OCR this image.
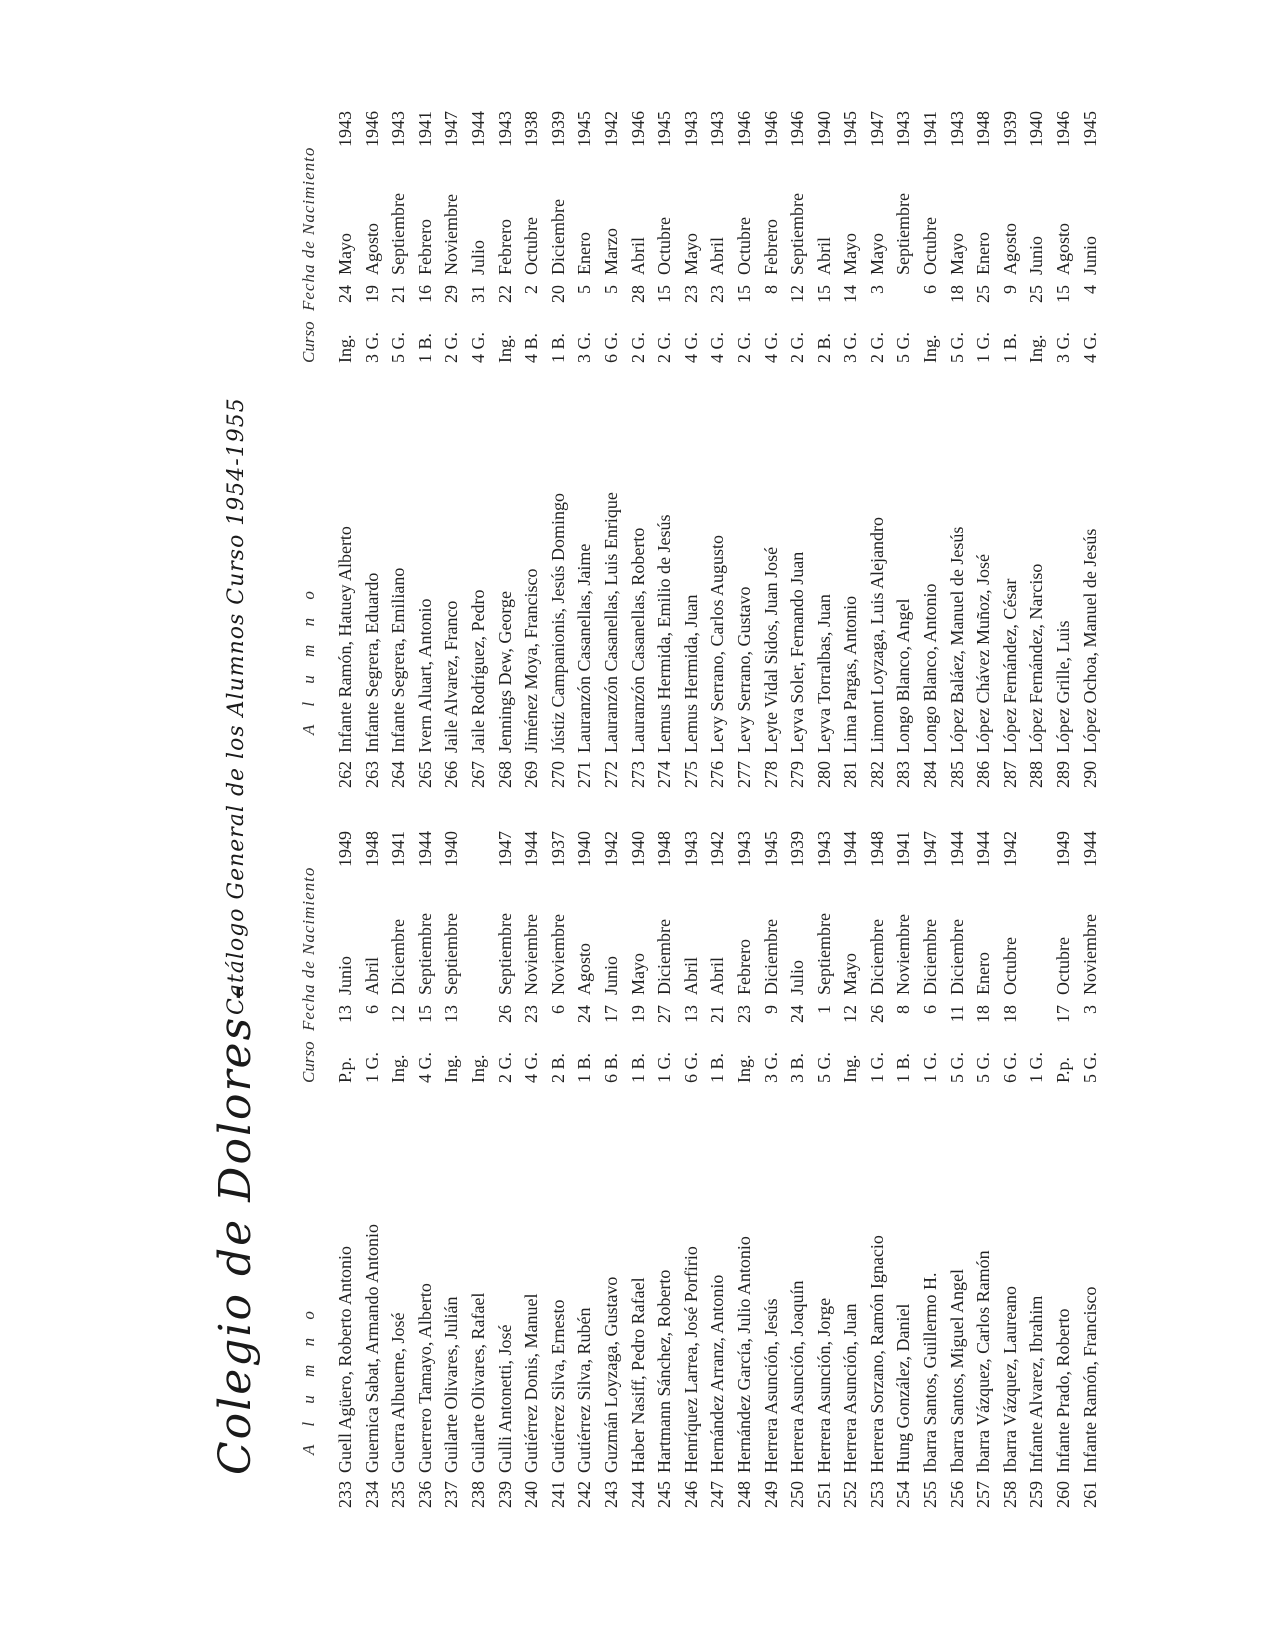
Colegio de Dolores -
Catálogo General de los Alumnos Curso 1954-1955
A l u m n o
Curso
Fecha de Nacimiento
233
Guell Agüero, Roberto Antonio
P.p.
13
Junio
1949
234
Guernica Sabat, Armando Antonio
1 G.
6
Abril
1948
235
Guerra Albuerne, José
Ing.
12
Diciembre
1941
236
Guerrero Tamayo, Alberto
4 G.
15
Septiembre
1944
237
Guilarte Olivares, Julián
Ing.
13
Septiembre
1940
238
Guilarte Olivares, Rafael
Ing.
239
Gulli Antonetti, José
2 G.
26
Septiembre
1947
240
Gutiérrez Donis, Manuel
4 G.
23
Noviembre
1944
241
Gutiérrez Silva, Ernesto
2 B.
6
Noviembre
1937
242
Gutiérrez Silva, Rubén
1 B.
24
Agosto
1940
243
Guzmán Loyzaga, Gustavo
6 B.
17
Junio
1942
244
Haber Nasiff, Pedro Rafael
1 B.
19
Mayo
1940
245
Hartmann Sánchez, Roberto
1 G.
27
Diciembre
1948
246
Henríquez Larrea, José Porfirio
6 G.
13
Abril
1943
247
Hernández Arranz, Antonio
1 B.
21
Abril
1942
248
Hernández García, Julio Antonio
Ing.
23
Febrero
1943
249
Herrera Asunción, Jesús
3 G.
9
Diciembre
1945
250
Herrera Asunción, Joaquín
3 B.
24
Julio
1939
251
Herrera Asunción, Jorge
5 G.
1
Septiembre
1943
252
Herrera Asunción, Juan
Ing.
12
Mayo
1944
253
Herrera Sorzano, Ramón Ignacio
1 G.
26
Diciembre
1948
254
Hung González, Daniel
1 B.
8
Noviembre
1941
255
Ibarra Santos, Guillermo H.
1 G.
6
Diciembre
1947
256
Ibarra Santos, Miguel Angel
5 G.
11
Diciembre
1944
257
Ibarra Vázquez, Carlos Ramón
5 G.
18
Enero
1944
258
Ibarra Vázquez, Laureano
6 G.
18
Octubre
1942
259
Infante Alvarez, Ibrahim
1 G.
260
Infante Prado, Roberto
P.p.
17
Octubre
1949
261
Infante Ramón, Francisco
5 G.
3
Noviembre
1944
A l u m n o
Curso
Fecha de Nacimiento
262
Infante Ramón, Hatuey Alberto
Ing.
24
Mayo
1943
263
Infante Segrera, Eduardo
3 G.
19
Agosto
1946
264
Infante Segrera, Emiliano
5 G.
21
Septiembre
1943
265
Ivern Aluart, Antonio
1 B.
16
Febrero
1941
266
Jaile Alvarez, Franco
2 G.
29
Noviembre
1947
267
Jaile Rodríguez, Pedro
4 G.
31
Julio
1944
268
Jennings Dew, George
Ing.
22
Febrero
1943
269
Jiménez Moya, Francisco
4 B.
2
Octubre
1938
270
Jústiz Campanionis, Jesús Domingo
1 B.
20
Diciembre
1939
271
Lauranzón Casanellas, Jaime
3 G.
5
Enero
1945
272
Lauranzón Casanellas, Luis Enrique
6 G.
5
Marzo
1942
273
Lauranzón Casanellas, Roberto
2 G.
28
Abril
1946
274
Lemus Hermida, Emilio de Jesús
2 G.
15
Octubre
1945
275
Lemus Hermida, Juan
4 G.
23
Mayo
1943
276
Levy Serrano, Carlos Augusto
4 G.
23
Abril
1943
277
Levy Serrano, Gustavo
2 G.
15
Octubre
1946
278
Leyte Vidal Sidos, Juan José
4 G.
8
Febrero
1946
279
Leyva Soler, Fernando Juan
2 G.
12
Septiembre
1946
280
Leyva Torralbas, Juan
2 B.
15
Abril
1940
281
Lima Pargas, Antonio
3 G.
14
Mayo
1945
282
Limont Loyzaga, Luis Alejandro
2 G.
3
Mayo
1947
283
Longo Blanco, Angel
5 G.
Septiembre
1943
284
Longo Blanco, Antonio
Ing.
6
Octubre
1941
285
López Baláez, Manuel de Jesús
5 G.
18
Mayo
1943
286
López Chávez Muñoz, José
1 G.
25
Enero
1948
287
López Fernández, César
1 B.
9
Agosto
1939
288
López Fernández, Narciso
Ing.
25
Junio
1940
289
López Grille, Luis
3 G.
15
Agosto
1946
290
López Ochoa, Manuel de Jesús
4 G.
4
Junio
1945
